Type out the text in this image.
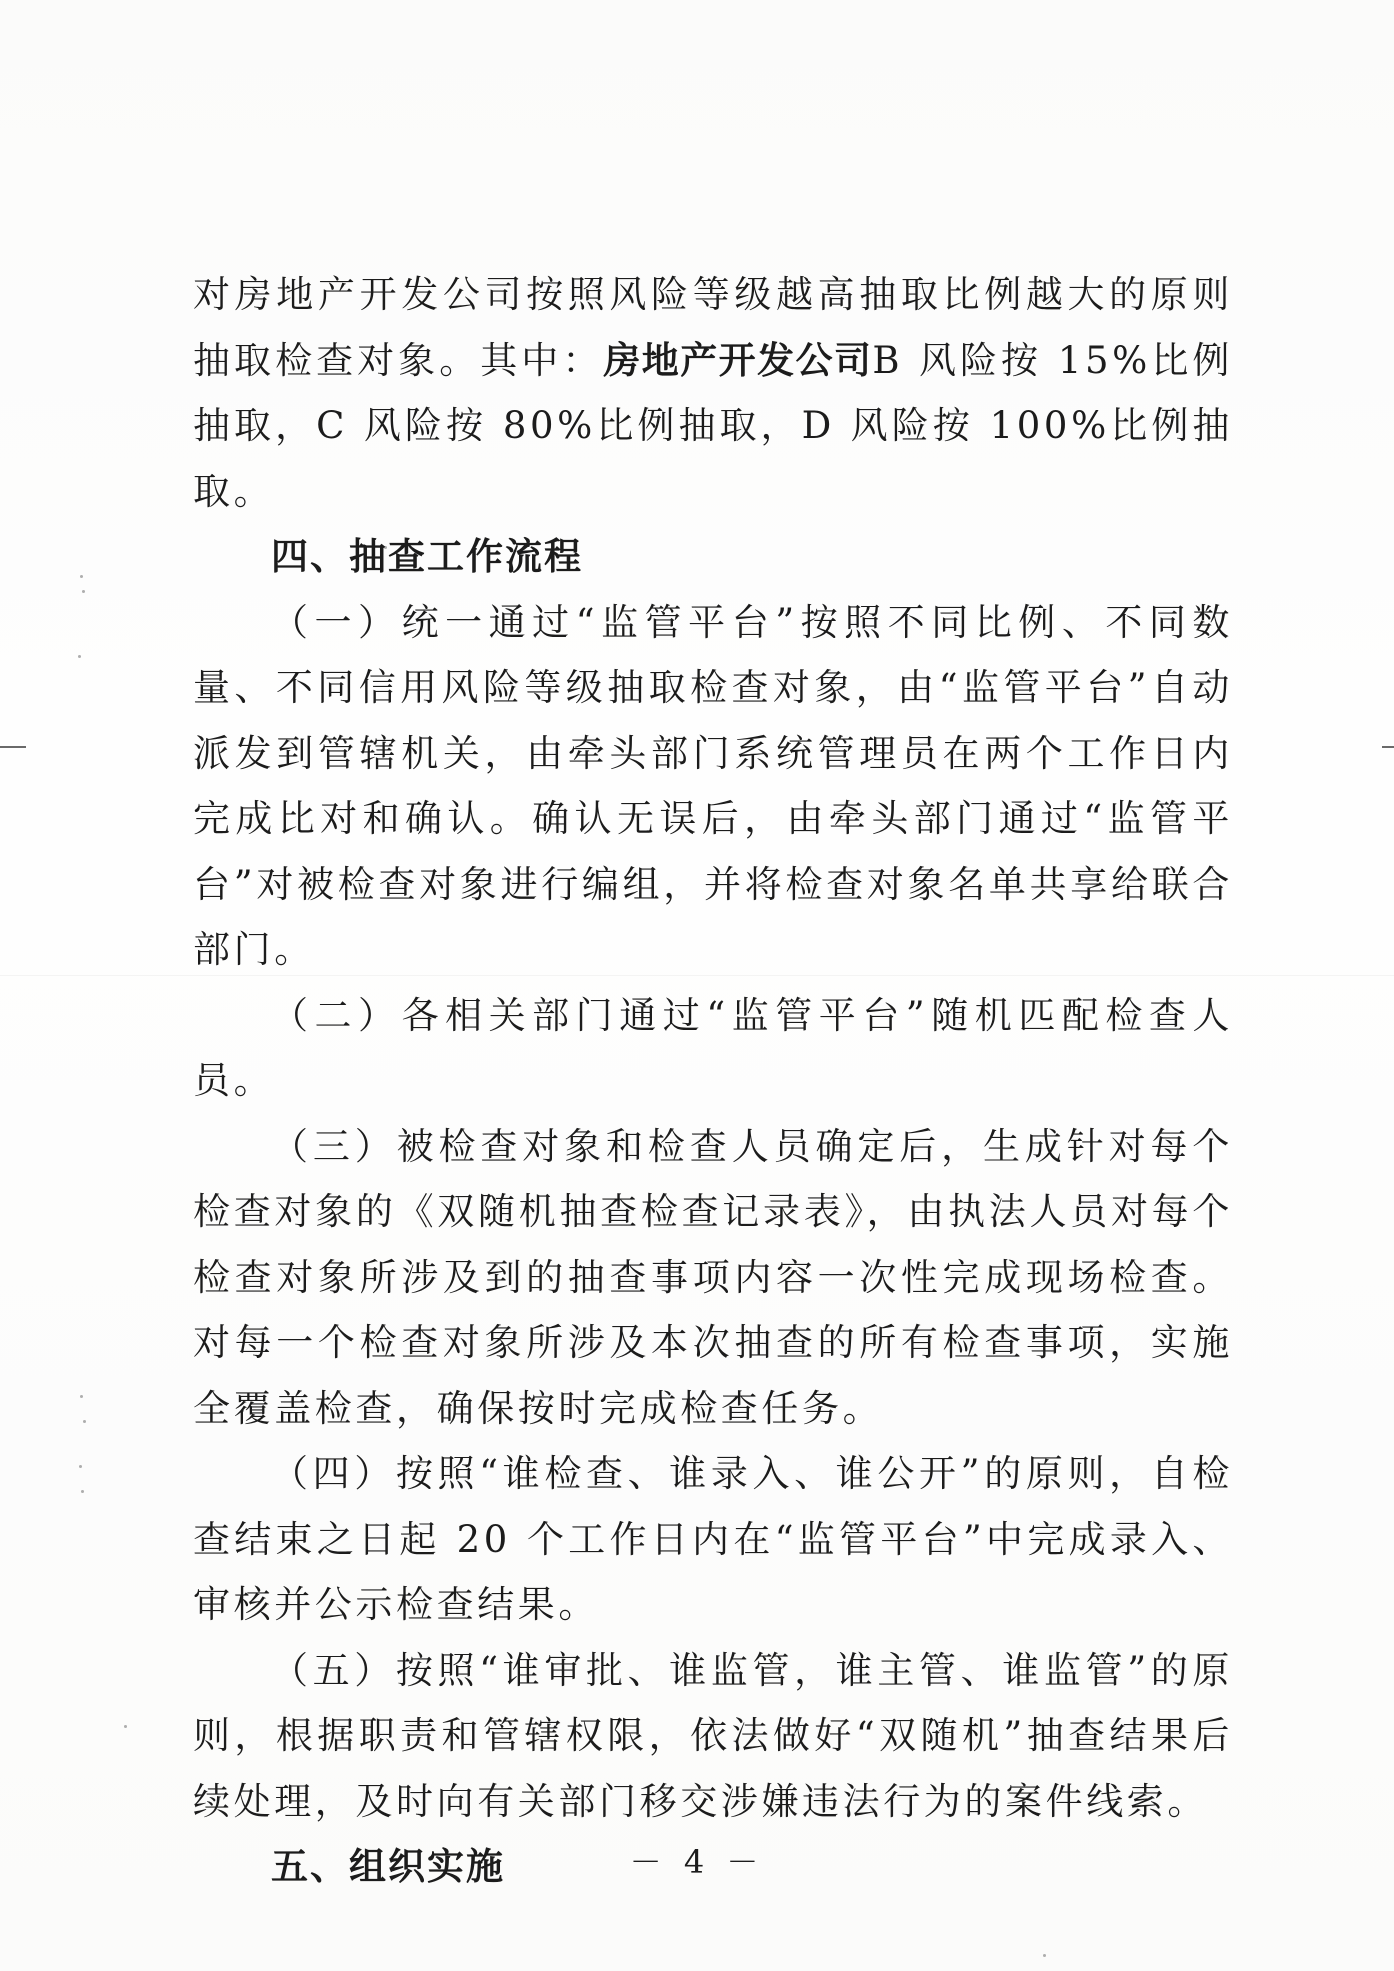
对房地产开发公司按照风险等级越高抽取比例越大的原则抽取检查对象。其中：房地产开发公司B 风险按 15%比例抽取，C 风险按 80%比例抽取，D 风险按 100%比例抽取。

四、抽查工作流程

（一）统一通过“监管平台”按照不同比例、不同数量、不同信用风险等级抽取检查对象，由“监管平台”自动派发到管辖机关，由牵头部门系统管理员在两个工作日内完成比对和确认。确认无误后，由牵头部门通过“监管平台”对被检查对象进行编组，并将检查对象名单共享给联合部门。

（二）各相关部门通过“监管平台”随机匹配检查人员。

（三）被检查对象和检查人员确定后，生成针对每个检查对象的《双随机抽查检查记录表》，由执法人员对每个检查对象所涉及到的抽查事项内容一次性完成现场检查。对每一个检查对象所涉及本次抽查的所有检查事项，实施全覆盖检查，确保按时完成检查任务。

（四）按照“谁检查、谁录入、谁公开”的原则，自检查结束之日起 20 个工作日内在“监管平台”中完成录入、审核并公示检查结果。

（五）按照“谁审批、谁监管，谁主管、谁监管”的原则，根据职责和管辖权限，依法做好“双随机”抽查结果后续处理，及时向有关部门移交涉嫌违法行为的案件线索。

五、组织实施	－ 4 －
